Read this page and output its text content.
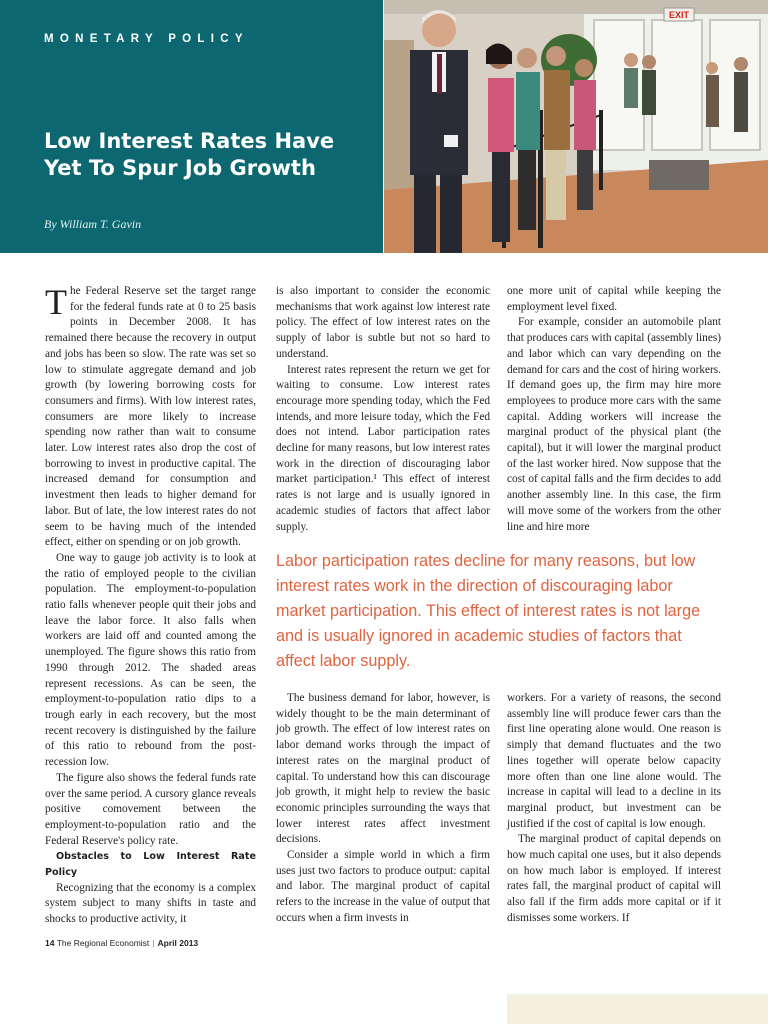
MONETARY POLICY
Low Interest Rates Have Yet To Spur Job Growth
By William T. Gavin
EXIT

The Federal Reserve set the target range for the federal funds rate at 0 to 25 basis points in December 2008. It has remained there because the recovery in output and jobs has been so slow. The rate was set so low to stimulate aggregate demand and job growth (by lowering borrowing costs for consumers and firms). With low interest rates, consumers are more likely to increase spending now rather than wait to consume later. Low interest rates also drop the cost of borrowing to invest in productive capital. The increased demand for consumption and investment then leads to higher demand for labor. But of late, the low interest rates do not seem to be having much of the intended effect, either on spending or on job growth.

One way to gauge job activity is to look at the ratio of employed people to the civilian population. The employment-to-population ratio falls whenever people quit their jobs and leave the labor force. It also falls when workers are laid off and counted among the unemployed. The figure shows this ratio from 1990 through 2012. The shaded areas represent recessions. As can be seen, the employment-to-population ratio dips to a trough early in each recovery, but the most recent recovery is distinguished by the failure of this ratio to rebound from the post-recession low.

The figure also shows the federal funds rate over the same period. A cursory glance reveals positive comovement between the employment-to-population ratio and the Federal Reserve's policy rate.

Obstacles to Low Interest Rate Policy

Recognizing that the economy is a complex system subject to many shifts in taste and shocks to productive activity, it

is also important to consider the economic mechanisms that work against low interest rate policy. The effect of low interest rates on the supply of labor is subtle but not so hard to understand.

Interest rates represent the return we get for waiting to consume. Low interest rates encourage more spending today, which the Fed intends, and more leisure today, which the Fed does not intend. Labor participation rates decline for many reasons, but low interest rates work in the direction of discouraging labor market participation.¹ This effect of interest rates is not large and is usually ignored in academic studies of factors that affect labor supply.

one more unit of capital while keeping the employment level fixed.

For example, consider an automobile plant that produces cars with capital (assembly lines) and labor which can vary depending on the demand for cars and the cost of hiring workers. If demand goes up, the firm may hire more employees to produce more cars with the same capital. Adding workers will increase the marginal product of the physical plant (the capital), but it will lower the marginal product of the last worker hired. Now suppose that the cost of capital falls and the firm decides to add another assembly line. In this case, the firm will move some of the workers from the other line and hire more

Labor participation rates decline for many reasons, but low interest rates work in the direction of discouraging labor market participation. This effect of interest rates is not large and is usually ignored in academic studies of factors that affect labor supply.

The business demand for labor, however, is widely thought to be the main determinant of job growth. The effect of low interest rates on labor demand works through the impact of interest rates on the marginal product of capital. To understand how this can discourage job growth, it might help to review the basic economic principles surrounding the ways that lower interest rates affect investment decisions.

Consider a simple world in which a firm uses just two factors to produce output: capital and labor. The marginal product of capital refers to the increase in the value of output that occurs when a firm invests in

workers. For a variety of reasons, the second assembly line will produce fewer cars than the first line operating alone would. One reason is simply that demand fluctuates and the two lines together will operate below capacity more often than one line alone would. The increase in capital will lead to a decline in its marginal product, but investment can be justified if the cost of capital is low enough.

The marginal product of capital depends on how much capital one uses, but it also depends on how much labor is employed. If interest rates fall, the marginal product of capital will also fall if the firm adds more capital or if it dismisses some workers. If

14 The Regional Economist | April 2013
